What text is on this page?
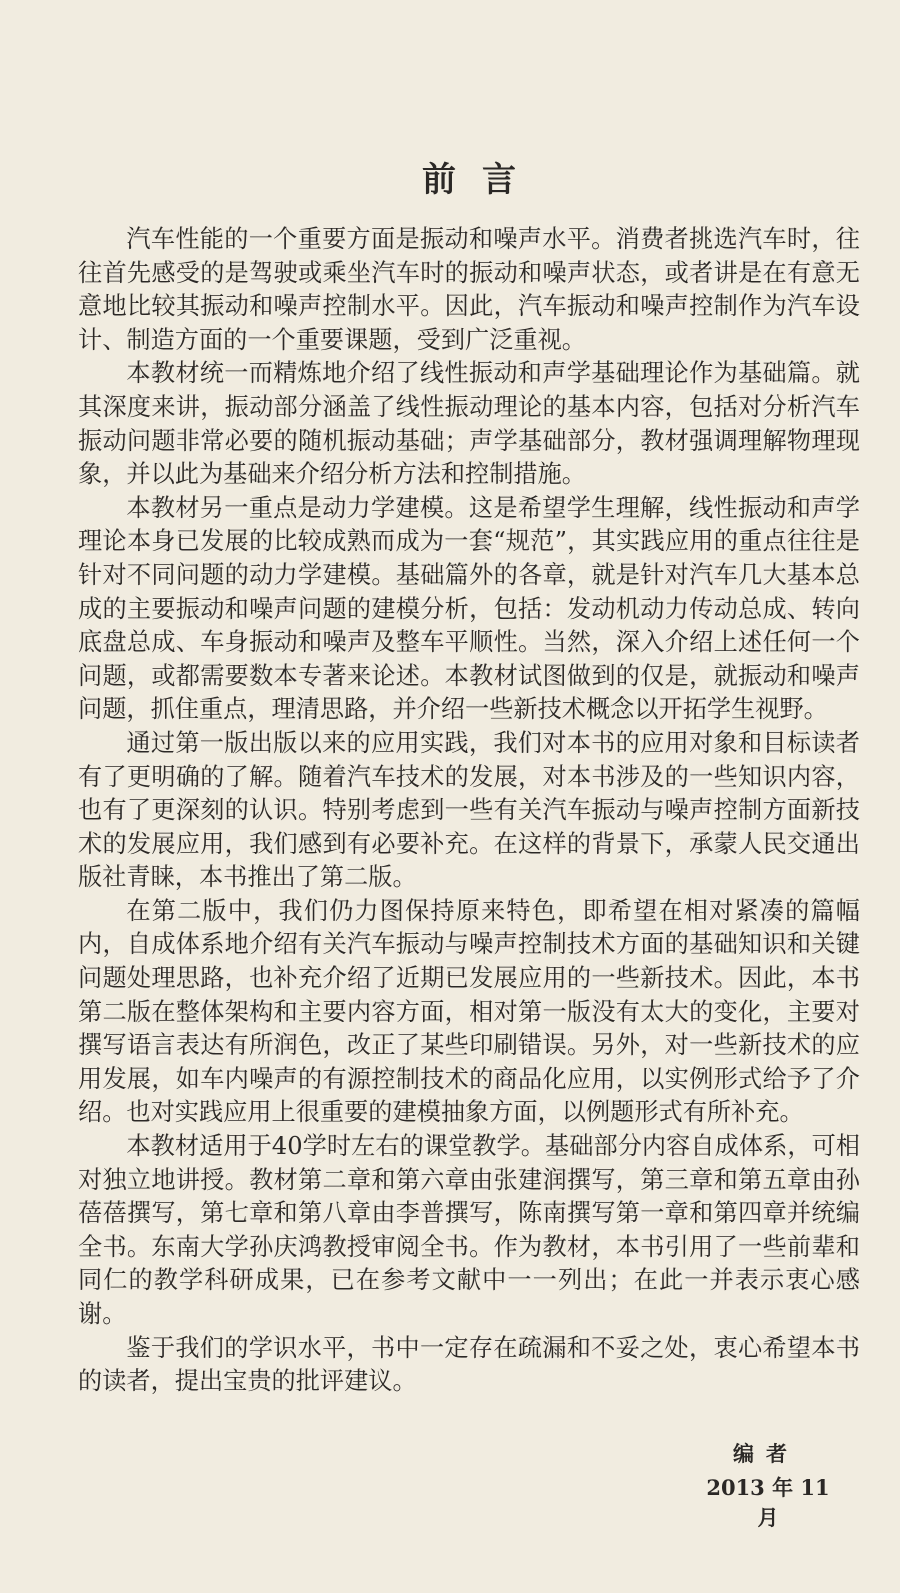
前言

汽车性能的一个重要方面是振动和噪声水平。消费者挑选汽车时，往往首先感受的是驾驶或乘坐汽车时的振动和噪声状态，或者讲是在有意无意地比较其振动和噪声控制水平。因此，汽车振动和噪声控制作为汽车设计、制造方面的一个重要课题，受到广泛重视。

本教材统一而精炼地介绍了线性振动和声学基础理论作为基础篇。就其深度来讲，振动部分涵盖了线性振动理论的基本内容，包括对分析汽车振动问题非常必要的随机振动基础；声学基础部分，教材强调理解物理现象，并以此为基础来介绍分析方法和控制措施。

本教材另一重点是动力学建模。这是希望学生理解，线性振动和声学理论本身已发展的比较成熟而成为一套“规范”，其实践应用的重点往往是针对不同问题的动力学建模。基础篇外的各章，就是针对汽车几大基本总成的主要振动和噪声问题的建模分析，包括：发动机动力传动总成、转向底盘总成、车身振动和噪声及整车平顺性。当然，深入介绍上述任何一个问题，或都需要数本专著来论述。本教材试图做到的仅是，就振动和噪声问题，抓住重点，理清思路，并介绍一些新技术概念以开拓学生视野。

通过第一版出版以来的应用实践，我们对本书的应用对象和目标读者有了更明确的了解。随着汽车技术的发展，对本书涉及的一些知识内容，也有了更深刻的认识。特别考虑到一些有关汽车振动与噪声控制方面新技术的发展应用，我们感到有必要补充。在这样的背景下，承蒙人民交通出版社青睐，本书推出了第二版。

在第二版中，我们仍力图保持原来特色，即希望在相对紧凑的篇幅内，自成体系地介绍有关汽车振动与噪声控制技术方面的基础知识和关键问题处理思路，也补充介绍了近期已发展应用的一些新技术。因此，本书第二版在整体架构和主要内容方面，相对第一版没有太大的变化，主要对撰写语言表达有所润色，改正了某些印刷错误。另外，对一些新技术的应用发展，如车内噪声的有源控制技术的商品化应用，以实例形式给予了介绍。也对实践应用上很重要的建模抽象方面，以例题形式有所补充。

本教材适用于40学时左右的课堂教学。基础部分内容自成体系，可相对独立地讲授。教材第二章和第六章由张建润撰写，第三章和第五章由孙蓓蓓撰写，第七章和第八章由李普撰写，陈南撰写第一章和第四章并统编全书。东南大学孙庆鸿教授审阅全书。作为教材，本书引用了一些前辈和同仁的教学科研成果，已在参考文献中一一列出；在此一并表示衷心感谢。

鉴于我们的学识水平，书中一定存在疏漏和不妥之处，衷心希望本书的读者，提出宝贵的批评建议。

编者
2013 年 11 月
